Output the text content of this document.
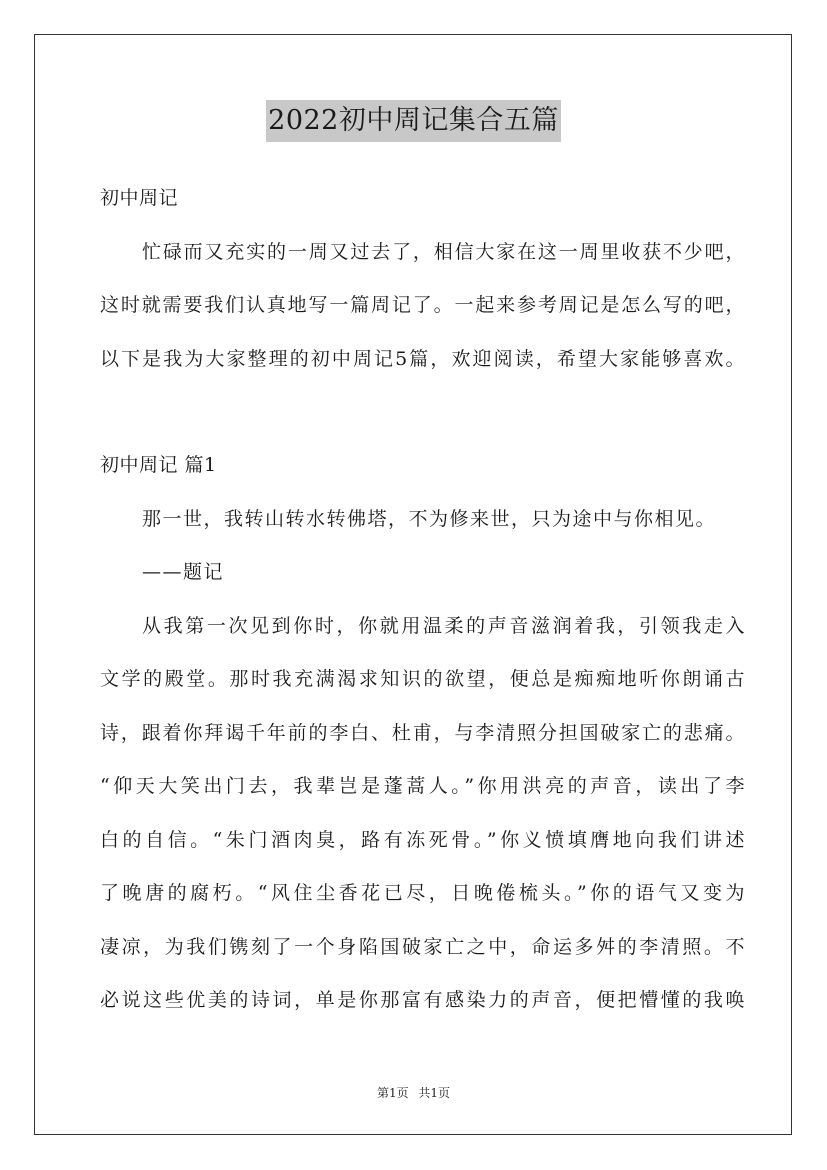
2022初中周记集合五篇
初中周记
忙碌而又充实的一周又过去了，相信大家在这一周里收获不少吧，
这时就需要我们认真地写一篇周记了。一起来参考周记是怎么写的吧，
以下是我为大家整理的初中周记5篇，欢迎阅读，希望大家能够喜欢。
初中周记 篇1
那一世，我转山转水转佛塔，不为修来世，只为途中与你相见。
——题记
从我第一次见到你时，你就用温柔的声音滋润着我，引领我走入
文学的殿堂。那时我充满渴求知识的欲望，便总是痴痴地听你朗诵古
诗，跟着你拜谒千年前的李白、杜甫，与李清照分担国破家亡的悲痛。
“仰天大笑出门去，我辈岂是蓬蒿人。”你用洪亮的声音，读出了李
白的自信。“朱门酒肉臭，路有冻死骨。”你义愤填膺地向我们讲述
了晚唐的腐朽。“风住尘香花已尽，日晚倦梳头。”你的语气又变为
凄凉，为我们镌刻了一个身陷国破家亡之中，命运多舛的李清照。不
必说这些优美的诗词，单是你那富有感染力的声音，便把懵懂的我唤
第1页 共1页
